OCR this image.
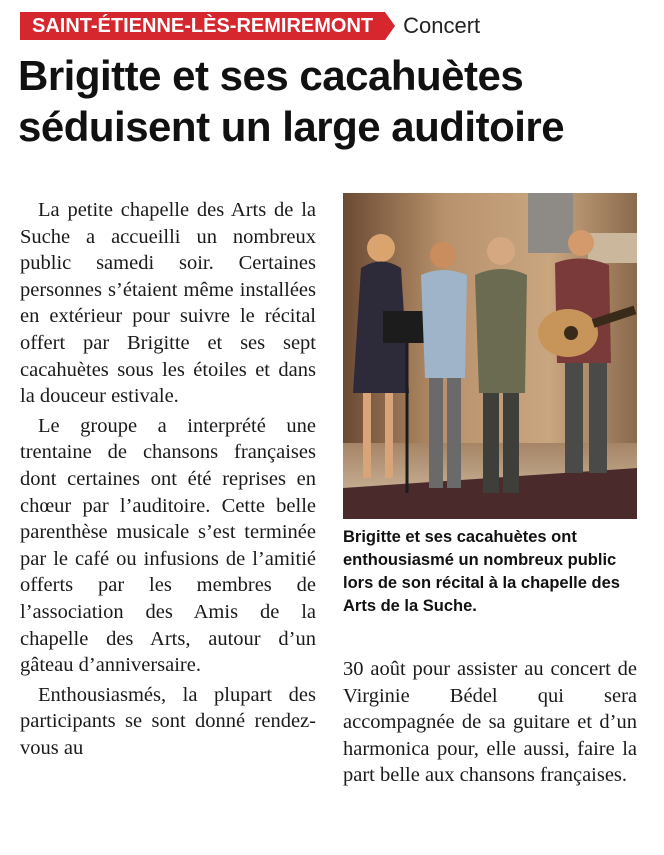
SAINT-ÉTIENNE-LÈS-REMIREMONT	Concert
Brigitte et ses cacahuètes séduisent un large auditoire

La petite chapelle des Arts de la Suche a accueilli un nombreux public samedi soir. Certaines personnes s’étaient même installées en extérieur pour suivre le récital offert par Brigitte et ses sept cacahuètes sous les étoiles et dans la douceur estivale.

Le groupe a interprété une trentaine de chansons françaises dont certaines ont été reprises en chœur par l’auditoire. Cette belle parenthèse musicale s’est terminée par le café ou infusions de l’amitié offerts par les membres de l’association des Amis de la chapelle des Arts, autour d’un gâteau d’anniversaire.

Enthousiasmés, la plupart des participants se sont donné rendez-vous au

Brigitte et ses cacahuètes ont enthousiasmé un nombreux public lors de son récital à la chapelle des Arts de la Suche.

30 août pour assister au concert de Virginie Bédel qui sera accompagnée de sa guitare et d’un harmonica pour, elle aussi, faire la part belle aux chansons françaises.
